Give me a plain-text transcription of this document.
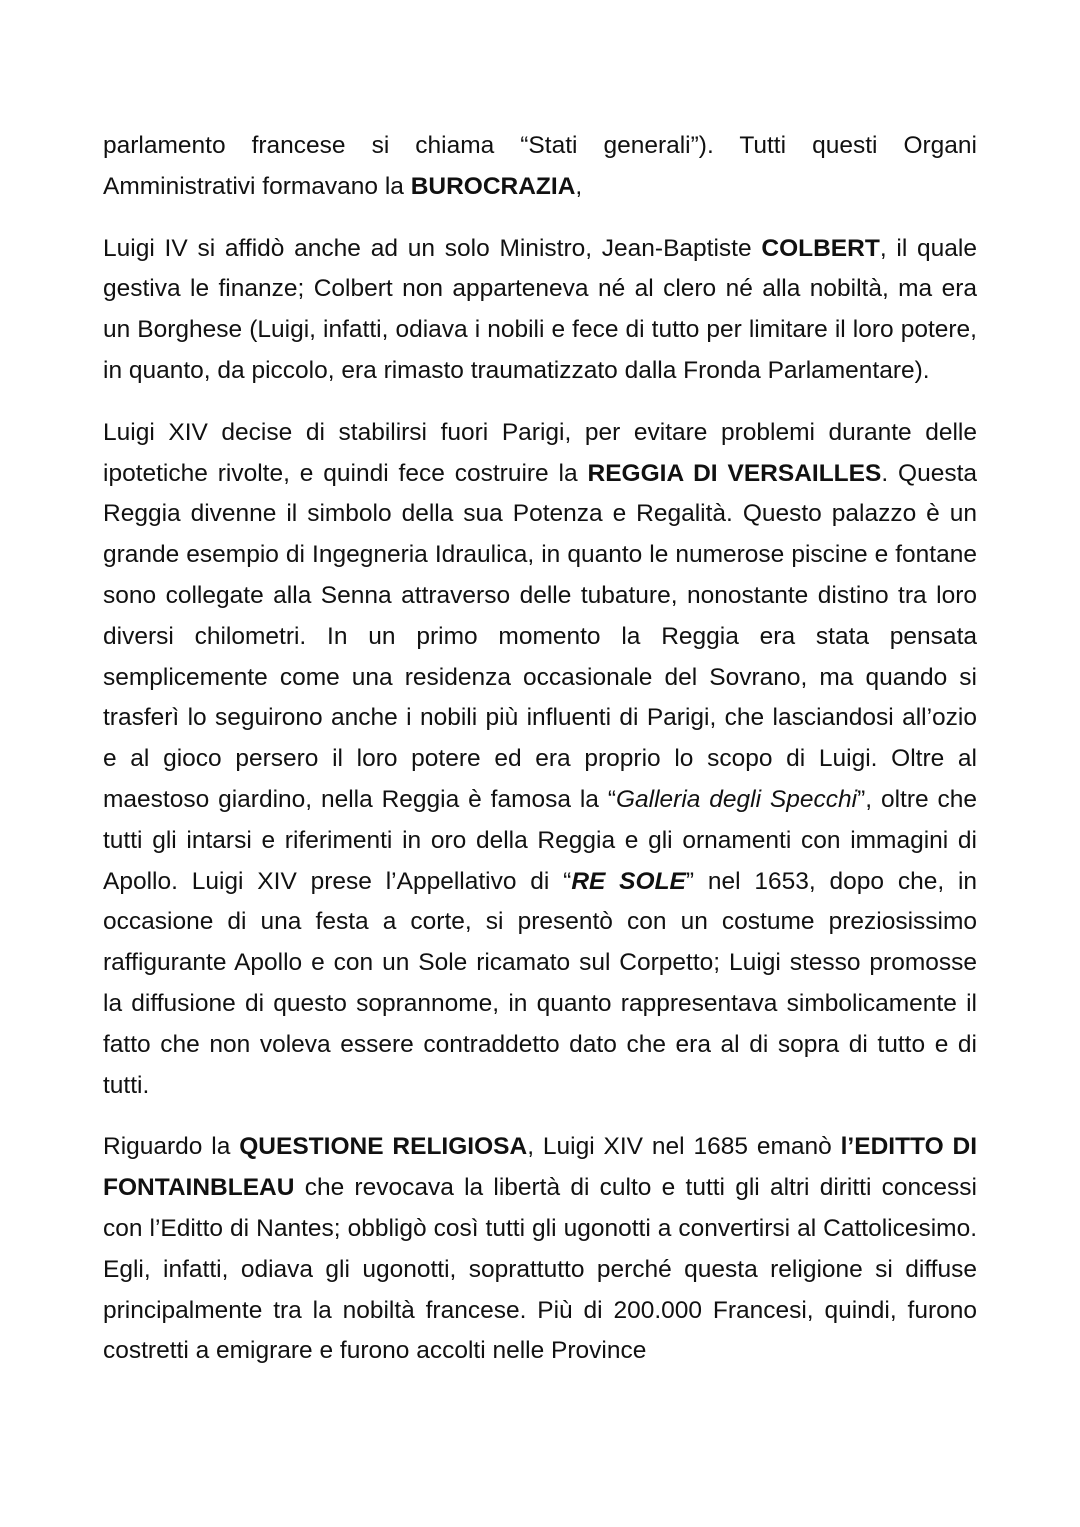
parlamento francese si chiama “Stati generali”). Tutti questi Organi Amministrativi formavano la BUROCRAZIA,

Luigi IV si affidò anche ad un solo Ministro, Jean-Baptiste COLBERT, il quale gestiva le finanze; Colbert non apparteneva né al clero né alla nobiltà, ma era un Borghese (Luigi, infatti, odiava i nobili e fece di tutto per limitare il loro potere, in quanto, da piccolo, era rimasto traumatizzato dalla Fronda Parlamentare).

Luigi XIV decise di stabilirsi fuori Parigi, per evitare problemi durante delle ipotetiche rivolte, e quindi fece costruire la REGGIA DI VERSAILLES. Questa Reggia divenne il simbolo della sua Potenza e Regalità. Questo palazzo è un grande esempio di Ingegneria Idraulica, in quanto le numerose piscine e fontane sono collegate alla Senna attraverso delle tubature, nonostante distino tra loro diversi chilometri. In un primo momento la Reggia era stata pensata semplicemente come una residenza occasionale del Sovrano, ma quando si trasferì lo seguirono anche i nobili più influenti di Parigi, che lasciandosi all’ozio e al gioco persero il loro potere ed era proprio lo scopo di Luigi. Oltre al maestoso giardino, nella Reggia è famosa la “Galleria degli Specchi”, oltre che tutti gli intarsi e riferimenti in oro della Reggia e gli ornamenti con immagini di Apollo. Luigi XIV prese l’Appellativo di “RE SOLE” nel 1653, dopo che, in occasione di una festa a corte, si presentò con un costume preziosissimo raffigurante Apollo e con un Sole ricamato sul Corpetto; Luigi stesso promosse la diffusione di questo soprannome, in quanto rappresentava simbolicamente il fatto che non voleva essere contraddetto dato che era al di sopra di tutto e di tutti.

Riguardo la QUESTIONE RELIGIOSA, Luigi XIV nel 1685 emanò l’EDITTO DI FONTAINBLEAU che revocava la libertà di culto e tutti gli altri diritti concessi con l’Editto di Nantes; obbligò così tutti gli ugonotti a convertirsi al Cattolicesimo. Egli, infatti, odiava gli ugonotti, soprattutto perché questa religione si diffuse principalmente tra la nobiltà francese. Più di 200.000 Francesi, quindi, furono costretti a emigrare e furono accolti nelle Province
